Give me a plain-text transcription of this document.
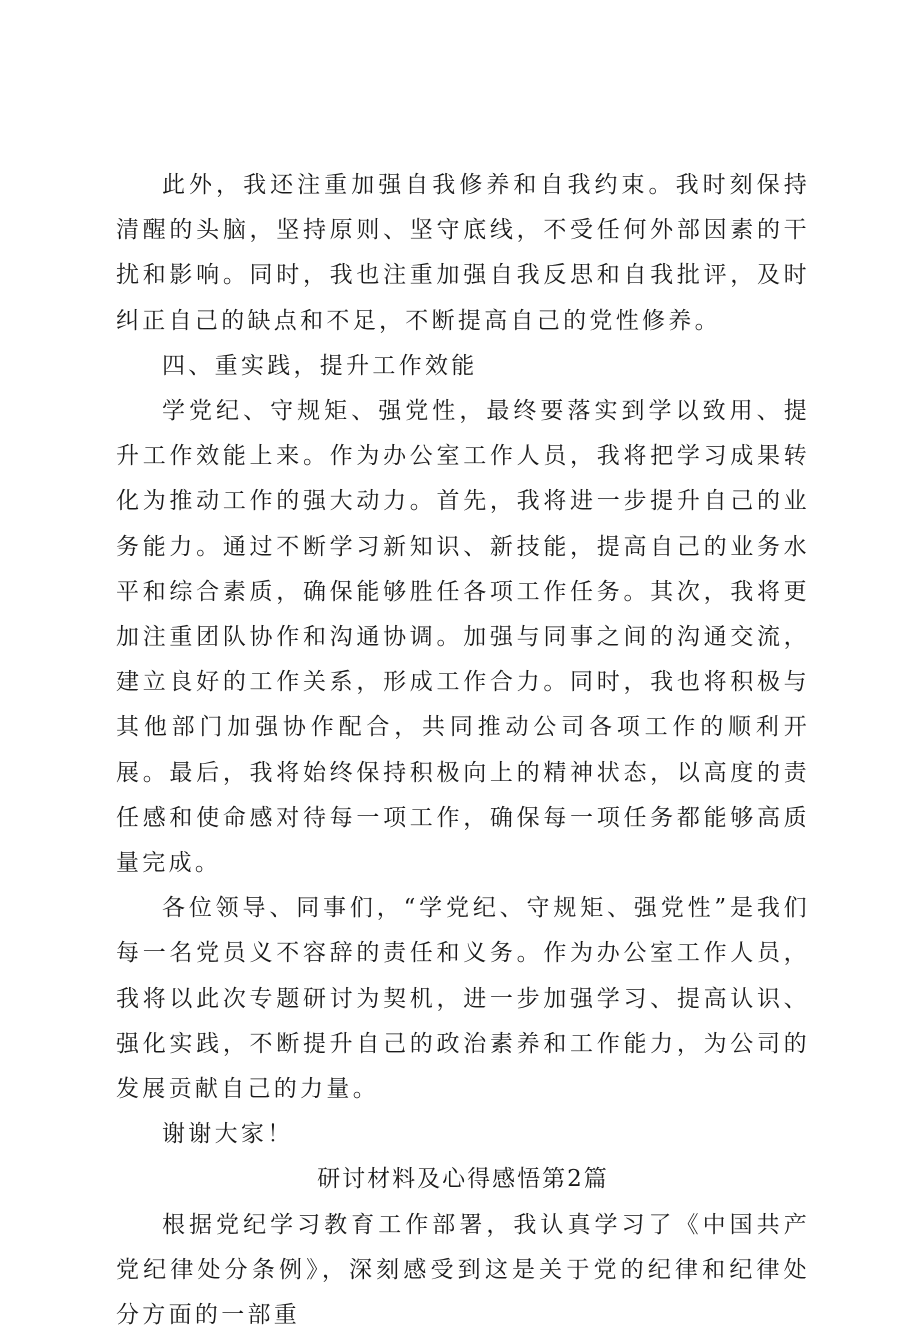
此外，我还注重加强自我修养和自我约束。我时刻保持清醒的头脑，坚持原则、坚守底线，不受任何外部因素的干扰和影响。同时，我也注重加强自我反思和自我批评，及时纠正自己的缺点和不足，不断提高自己的党性修养。

四、重实践，提升工作效能

学党纪、守规矩、强党性，最终要落实到学以致用、提升工作效能上来。作为办公室工作人员，我将把学习成果转化为推动工作的强大动力。首先，我将进一步提升自己的业务能力。通过不断学习新知识、新技能，提高自己的业务水平和综合素质，确保能够胜任各项工作任务。其次，我将更加注重团队协作和沟通协调。加强与同事之间的沟通交流，建立良好的工作关系，形成工作合力。同时，我也将积极与其他部门加强协作配合，共同推动公司各项工作的顺利开展。最后，我将始终保持积极向上的精神状态，以高度的责任感和使命感对待每一项工作，确保每一项任务都能够高质量完成。

各位领导、同事们，“学党纪、守规矩、强党性”是我们每一名党员义不容辞的责任和义务。作为办公室工作人员，我将以此次专题研讨为契机，进一步加强学习、提高认识、强化实践，不断提升自己的政治素养和工作能力，为公司的发展贡献自己的力量。

谢谢大家！

研讨材料及心得感悟第2篇

根据党纪学习教育工作部署，我认真学习了《中国共产党纪律处分条例》，深刻感受到这是关于党的纪律和纪律处分方面的一部重
